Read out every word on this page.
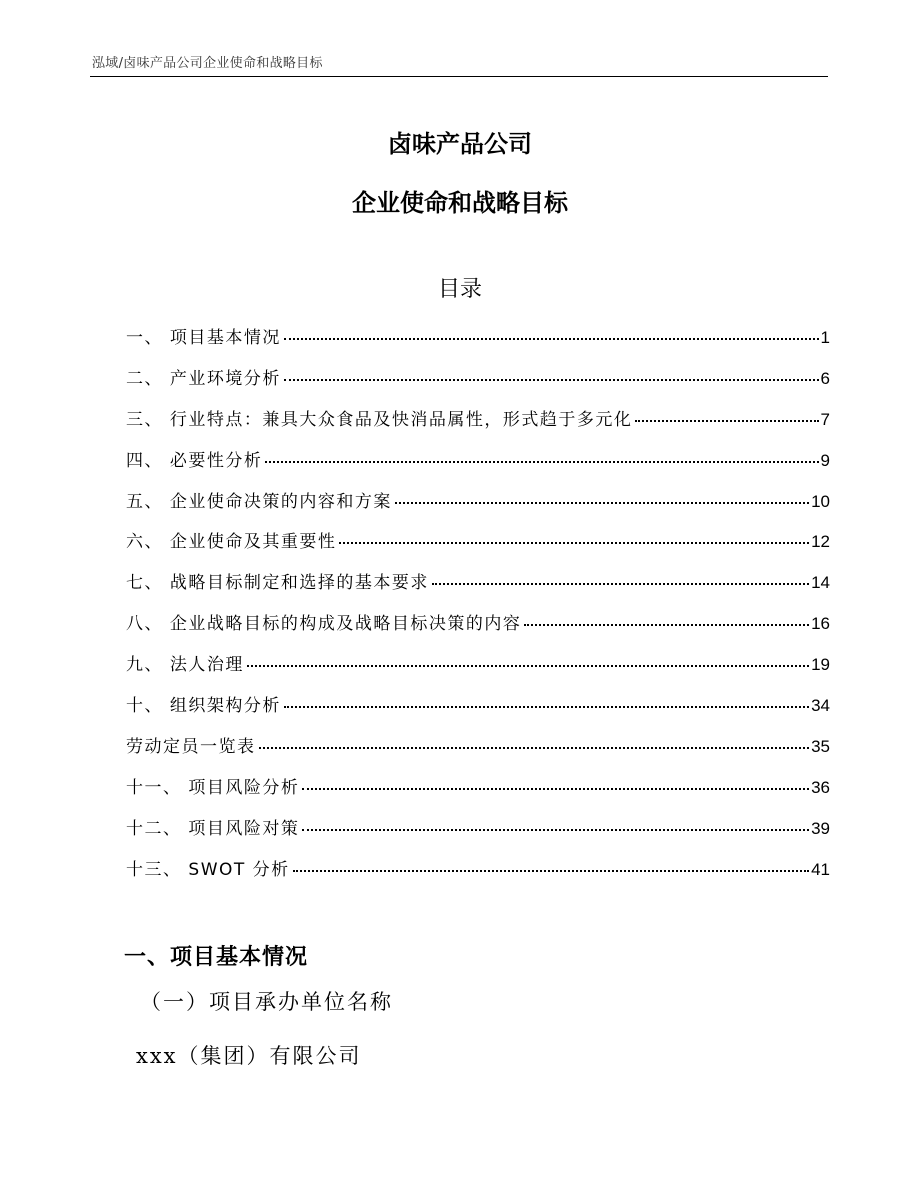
泓域/卤味产品公司企业使命和战略目标
卤味产品公司
企业使命和战略目标
目录
一、 项目基本情况	1
二、 产业环境分析	6
三、 行业特点：兼具大众食品及快消品属性，形式趋于多元化	7
四、 必要性分析	9
五、 企业使命决策的内容和方案	10
六、 企业使命及其重要性	12
七、 战略目标制定和选择的基本要求	14
八、 企业战略目标的构成及战略目标决策的内容	16
九、 法人治理	19
十、 组织架构分析	34
劳动定员一览表	35
十一、 项目风险分析	36
十二、 项目风险对策	39
十三、 SWOT 分析	41
一、项目基本情况
（一）项目承办单位名称
xxx（集团）有限公司
